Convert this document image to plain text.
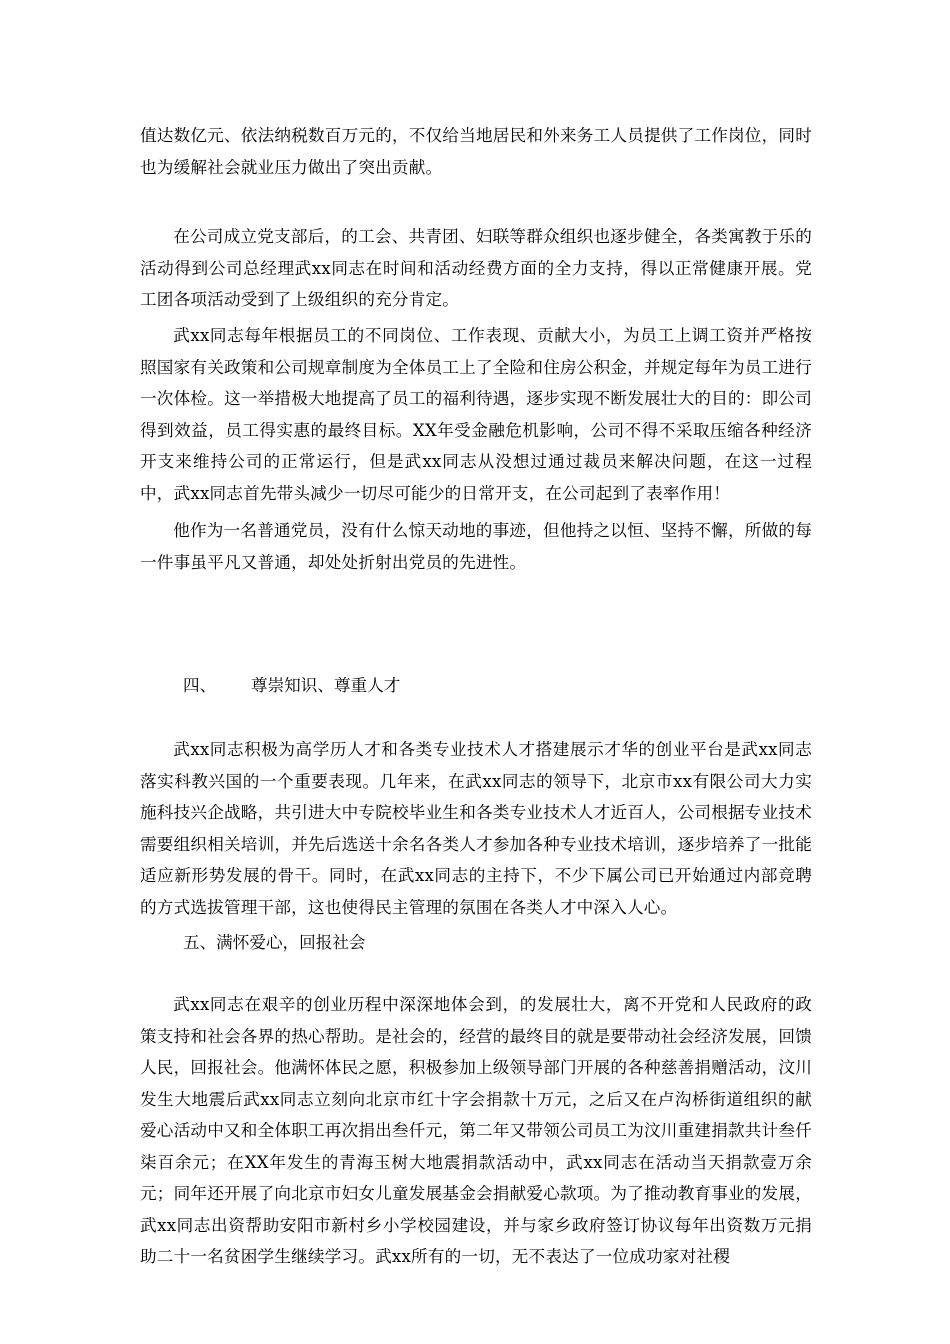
值达数亿元、依法纳税数百万元的，不仅给当地居民和外来务工人员提供了工作岗位，同时也为缓解社会就业压力做出了突出贡献。

在公司成立党支部后，的工会、共青团、妇联等群众组织也逐步健全，各类寓教于乐的活动得到公司总经理武xx同志在时间和活动经费方面的全力支持，得以正常健康开展。党工团各项活动受到了上级组织的充分肯定。

武xx同志每年根据员工的不同岗位、工作表现、贡献大小，为员工上调工资并严格按照国家有关政策和公司规章制度为全体员工上了全险和住房公积金，并规定每年为员工进行一次体检。这一举措极大地提高了员工的福利待遇，逐步实现不断发展壮大的目的：即公司得到效益，员工得实惠的最终目标。XX年受金融危机影响，公司不得不采取压缩各种经济开支来维持公司的正常运行，但是武xx同志从没想过通过裁员来解决问题，在这一过程中，武xx同志首先带头减少一切尽可能少的日常开支，在公司起到了表率作用！

他作为一名普通党员，没有什么惊天动地的事迹，但他持之以恒、坚持不懈，所做的每一件事虽平凡又普通，却处处折射出党员的先进性。

四、 尊崇知识、尊重人才

武xx同志积极为高学历人才和各类专业技术人才搭建展示才华的创业平台是武xx同志落实科教兴国的一个重要表现。几年来，在武xx同志的领导下，北京市xx有限公司大力实施科技兴企战略，共引进大中专院校毕业生和各类专业技术人才近百人，公司根据专业技术需要组织相关培训，并先后选送十余名各类人才参加各种专业技术培训，逐步培养了一批能适应新形势发展的骨干。同时，在武xx同志的主持下，不少下属公司已开始通过内部竞聘的方式选拔管理干部，这也使得民主管理的氛围在各类人才中深入人心。

五、满怀爱心，回报社会

武xx同志在艰辛的创业历程中深深地体会到，的发展壮大，离不开党和人民政府的政策支持和社会各界的热心帮助。是社会的，经营的最终目的就是要带动社会经济发展，回馈人民，回报社会。他满怀体民之愿，积极参加上级领导部门开展的各种慈善捐赠活动，汶川发生大地震后武xx同志立刻向北京市红十字会捐款十万元，之后又在卢沟桥街道组织的献爱心活动中又和全体职工再次捐出叁仟元，第二年又带领公司员工为汶川重建捐款共计叁仟柒百余元；在XX年发生的青海玉树大地震捐款活动中，武xx同志在活动当天捐款壹万余元；同年还开展了向北京市妇女儿童发展基金会捐献爱心款项。为了推动教育事业的发展，武xx同志出资帮助安阳市新村乡小学校园建设，并与家乡政府签订协议每年出资数万元捐助二十一名贫困学生继续学习。武xx所有的一切，无不表达了一位成功家对社稷
